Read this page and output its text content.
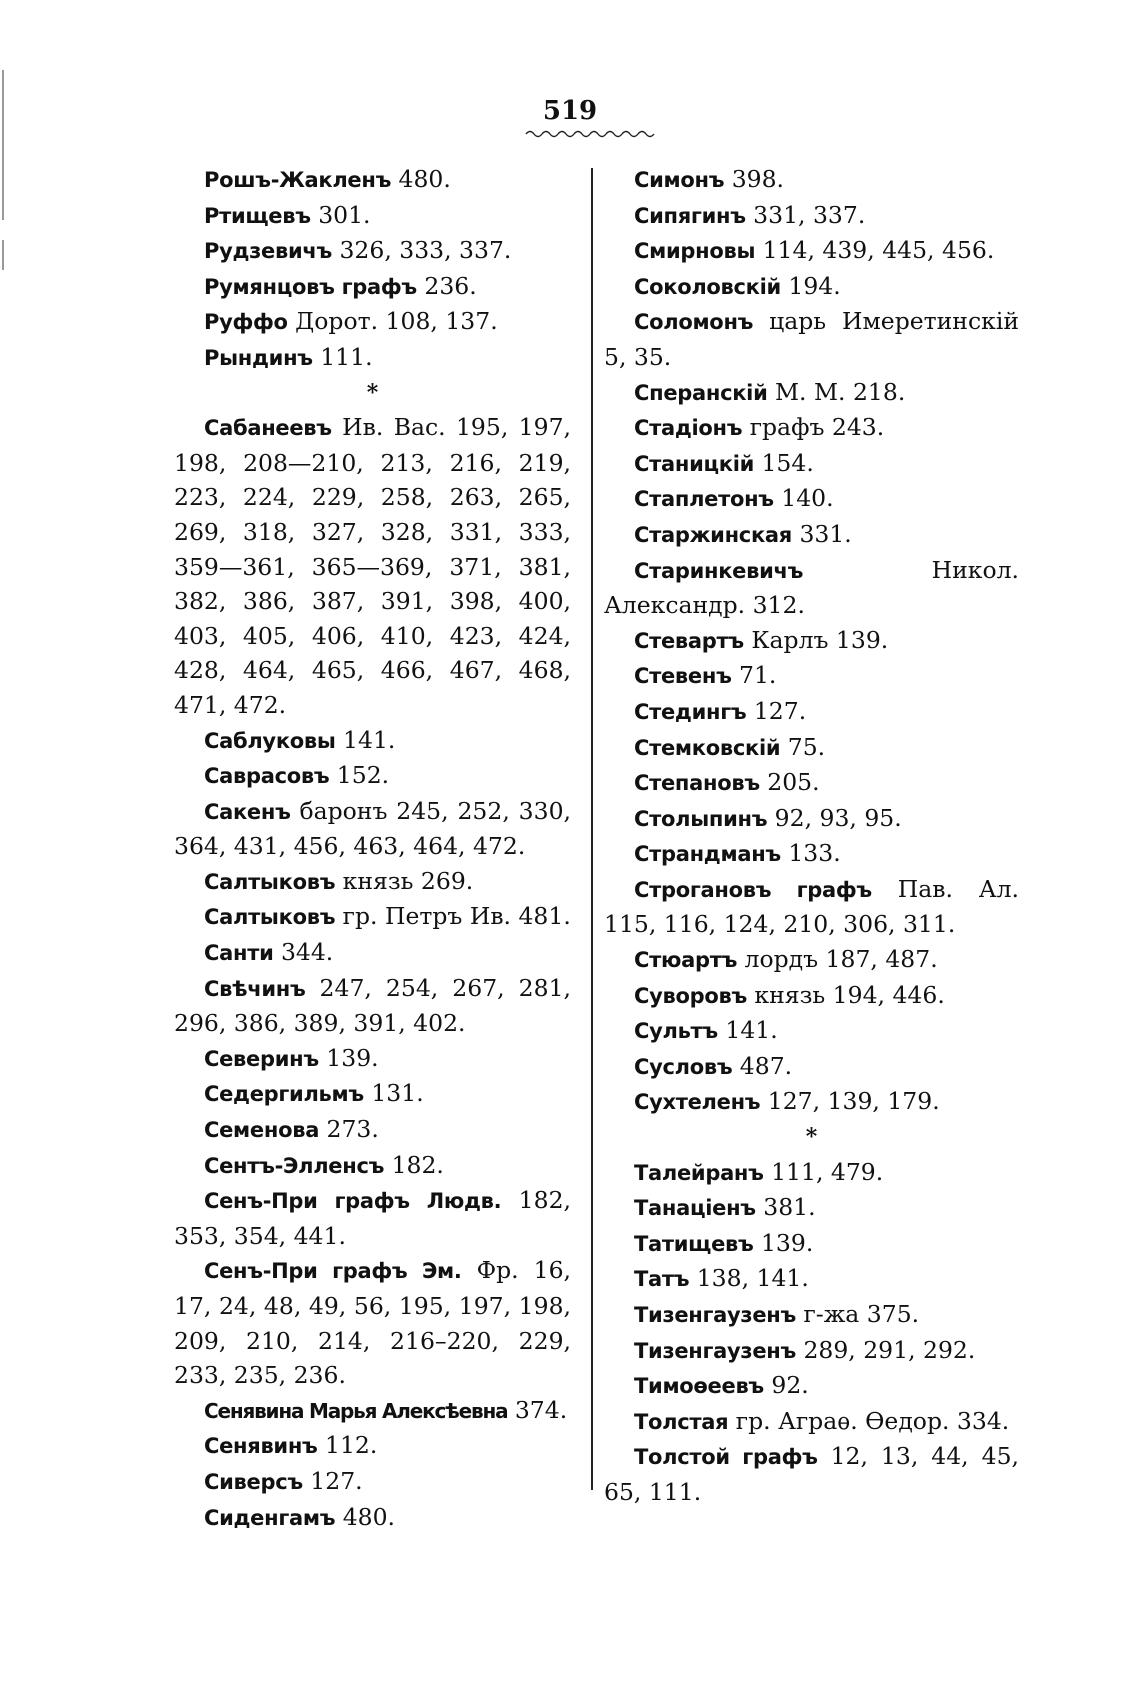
519
Рошъ-Жакленъ 480.
Ртищевъ 301.
Рудзевичъ 326, 333, 337.
Румянцовъ графъ 236.
Руффо Дорот. 108, 137.
Рындинъ 111.
*
Сабанеевъ Ив. Вас. 195, 197, 198, 208—210, 213, 216, 219, 223, 224, 229, 258, 263, 265, 269, 318, 327, 328, 331, 333, 359—361, 365—369, 371, 381, 382, 386, 387, 391, 398, 400, 403, 405, 406, 410, 423, 424, 428, 464, 465, 466, 467, 468, 471, 472.
Саблуковы 141.
Саврасовъ 152.
Сакенъ баронъ 245, 252, 330, 364, 431, 456, 463, 464, 472.
Салтыковъ князь 269.
Салтыковъ гр. Петръ Ив. 481.
Санти 344.
Свѣчинъ 247, 254, 267, 281, 296, 386, 389, 391, 402.
Северинъ 139.
Седергильмъ 131.
Семенова 273.
Сентъ-Элленсъ 182.
Сенъ-При графъ Людв. 182, 353, 354, 441.
Сенъ-При графъ Эм. Фр. 16, 17, 24, 48, 49, 56, 195, 197, 198, 209, 210, 214, 216–220, 229, 233, 235, 236.
Сенявина Марья Алексѣевна 374.
Сенявинъ 112.
Сиверсъ 127.
Сиденгамъ 480.
Симонъ 398.
Сипягинъ 331, 337.
Смирновы 114, 439, 445, 456.
Соколовскій 194.
Соломонъ царь Имеретинскій 5, 35.
Сперанскій М. М. 218.
Стадіонъ графъ 243.
Станицкій 154.
Стаплетонъ 140.
Старжинская 331.
Старинкевичъ Никол. Александр. 312.
Стевартъ Карлъ 139.
Стевенъ 71.
Стедингъ 127.
Стемковскій 75.
Степановъ 205.
Столыпинъ 92, 93, 95.
Страндманъ 133.
Строгановъ графъ Пав. Ал. 115, 116, 124, 210, 306, 311.
Стюартъ лордъ 187, 487.
Суворовъ князь 194, 446.
Сультъ 141.
Сусловъ 487.
Сухтеленъ 127, 139, 179.
*
Талейранъ 111, 479.
Танаціенъ 381.
Татищевъ 139.
Татъ 138, 141.
Тизенгаузенъ г-жа 375.
Тизенгаузенъ 289, 291, 292.
Тимоѳеевъ 92.
Толстая гр. Аграѳ. Ѳедор. 334.
Толстой графъ 12, 13, 44, 45, 65, 111.
